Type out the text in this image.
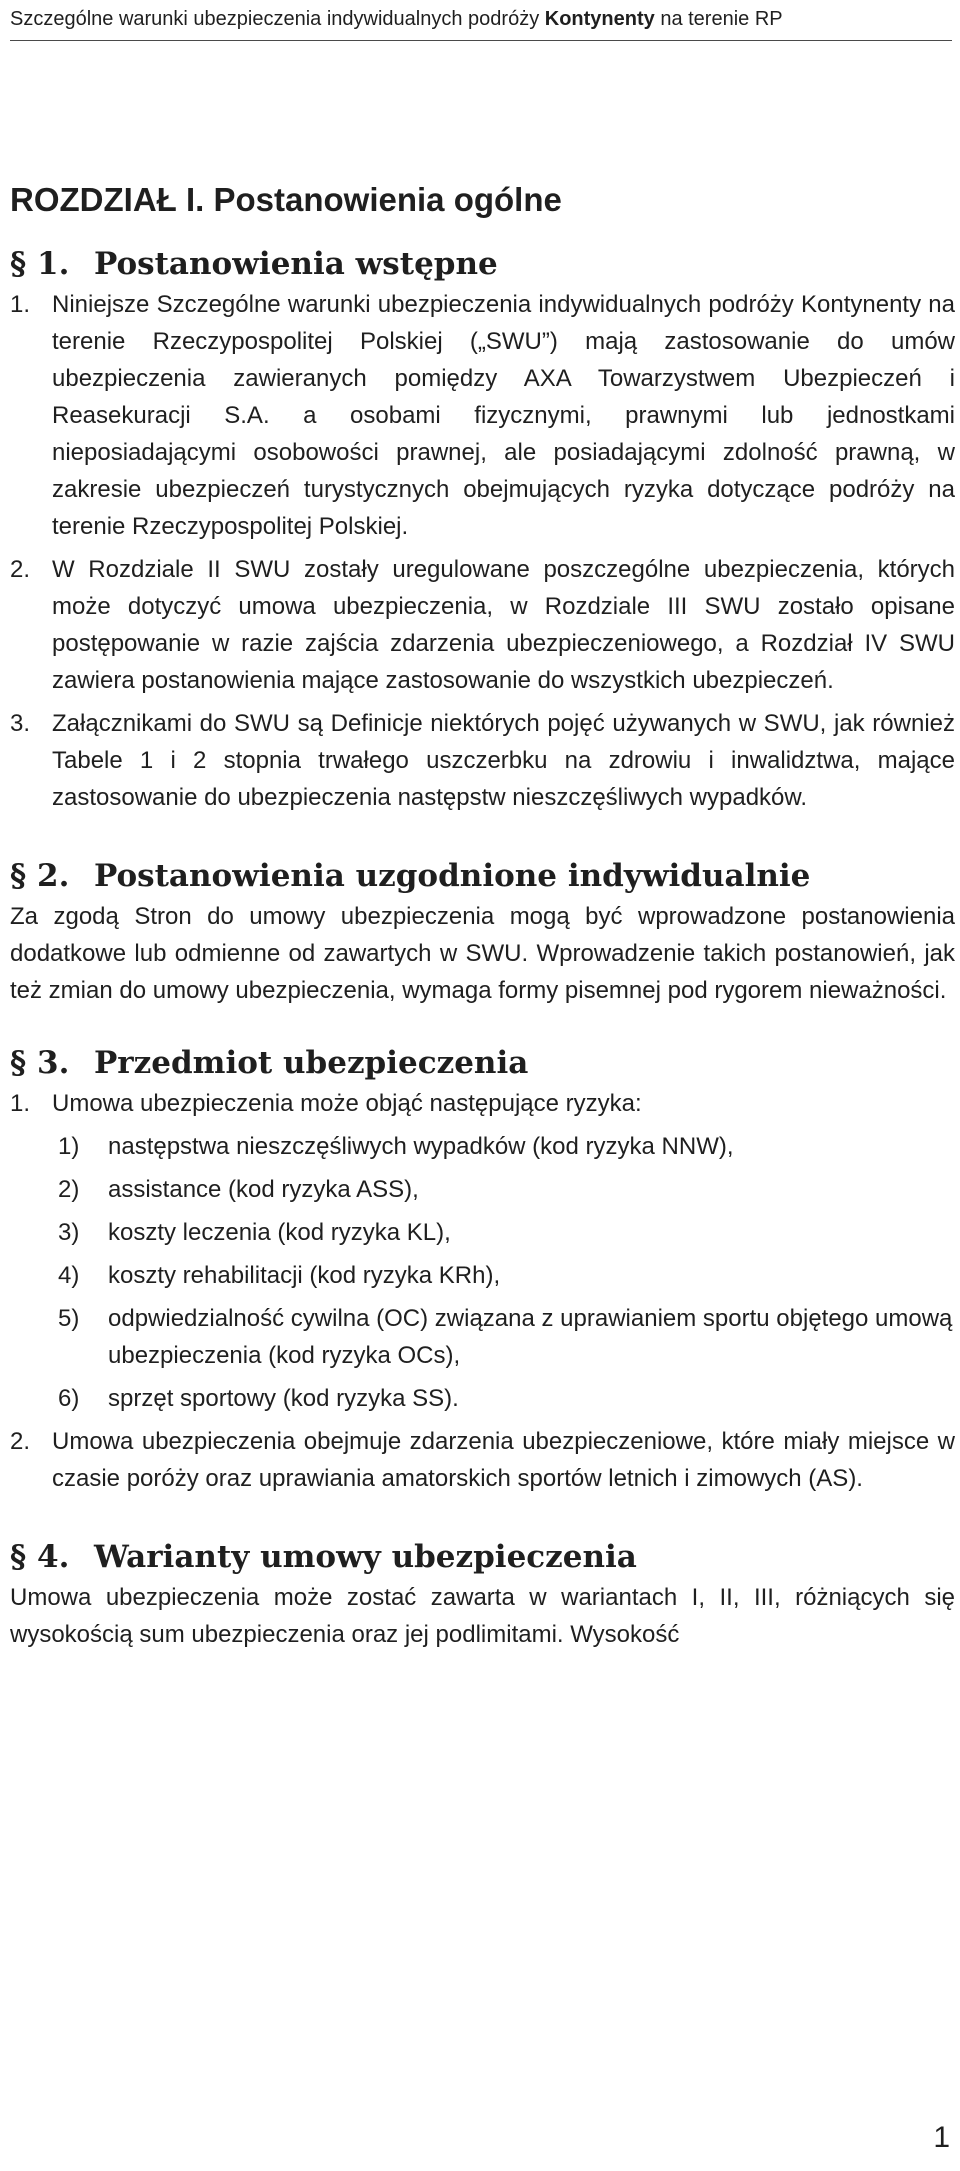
Szczególne warunki ubezpieczenia indywidualnych podróży Kontynenty na terenie RP
ROZDZIAŁ I. Postanowienia ogólne
§ 1. Postanowienia wstępne
1. Niniejsze Szczególne warunki ubezpieczenia indywidualnych podróży Kontynenty na terenie Rzeczypospolitej Polskiej („SWU”) mają zastosowanie do umów ubezpieczenia zawieranych pomiędzy AXA Towarzystwem Ubezpieczeń i Reasekuracji S.A. a osobami fizycznymi, prawnymi lub jednostkami nieposiadającymi osobowości prawnej, ale posiadającymi zdolność prawną, w zakresie ubezpieczeń turystycznych obejmujących ryzyka dotyczące podróży na terenie Rzeczypospolitej Polskiej.
2. W Rozdziale II SWU zostały uregulowane poszczególne ubezpieczenia, których może dotyczyć umowa ubezpieczenia, w Rozdziale III SWU zostało opisane postępowanie w razie zajścia zdarzenia ubezpieczeniowego, a Rozdział IV SWU zawiera postanowienia mające zastosowanie do wszystkich ubezpieczeń.
3. Załącznikami do SWU są Definicje niektórych pojęć używanych w SWU, jak również Tabele 1 i 2 stopnia trwałego uszczerbku na zdrowiu i inwalidztwa, mające zastosowanie do ubezpieczenia następstw nieszczęśliwych wypadków.
§ 2. Postanowienia uzgodnione indywidualnie

Za zgodą Stron do umowy ubezpieczenia mogą być wprowadzone postanowienia dodatkowe lub odmienne od zawartych w SWU. Wprowadzenie takich postanowień, jak też zmian do umowy ubezpieczenia, wymaga formy pisemnej pod rygorem nieważności.

§ 3. Przedmiot ubezpieczenia
1. Umowa ubezpieczenia może objąć następujące ryzyka:
1)	następstwa nieszczęśliwych wypadków (kod ryzyka NNW),
2)	assistance (kod ryzyka ASS),
3)	koszty leczenia (kod ryzyka KL),
4)	koszty rehabilitacji (kod ryzyka KRh),
5)	odpwiedzialność cywilna (OC) związana z uprawianiem sportu objętego umową ubezpieczenia (kod ryzyka OCs),
6)	sprzęt sportowy (kod ryzyka SS).
2. Umowa ubezpieczenia obejmuje zdarzenia ubezpieczeniowe, które miały miejsce w czasie poróży oraz uprawiania amatorskich sportów letnich i zimowych (AS).
§ 4. Warianty umowy ubezpieczenia

Umowa ubezpieczenia może zostać zawarta w wariantach I, II, III, różniących się wysokością sum ubezpieczenia oraz jej podlimitami. Wysokość

1
